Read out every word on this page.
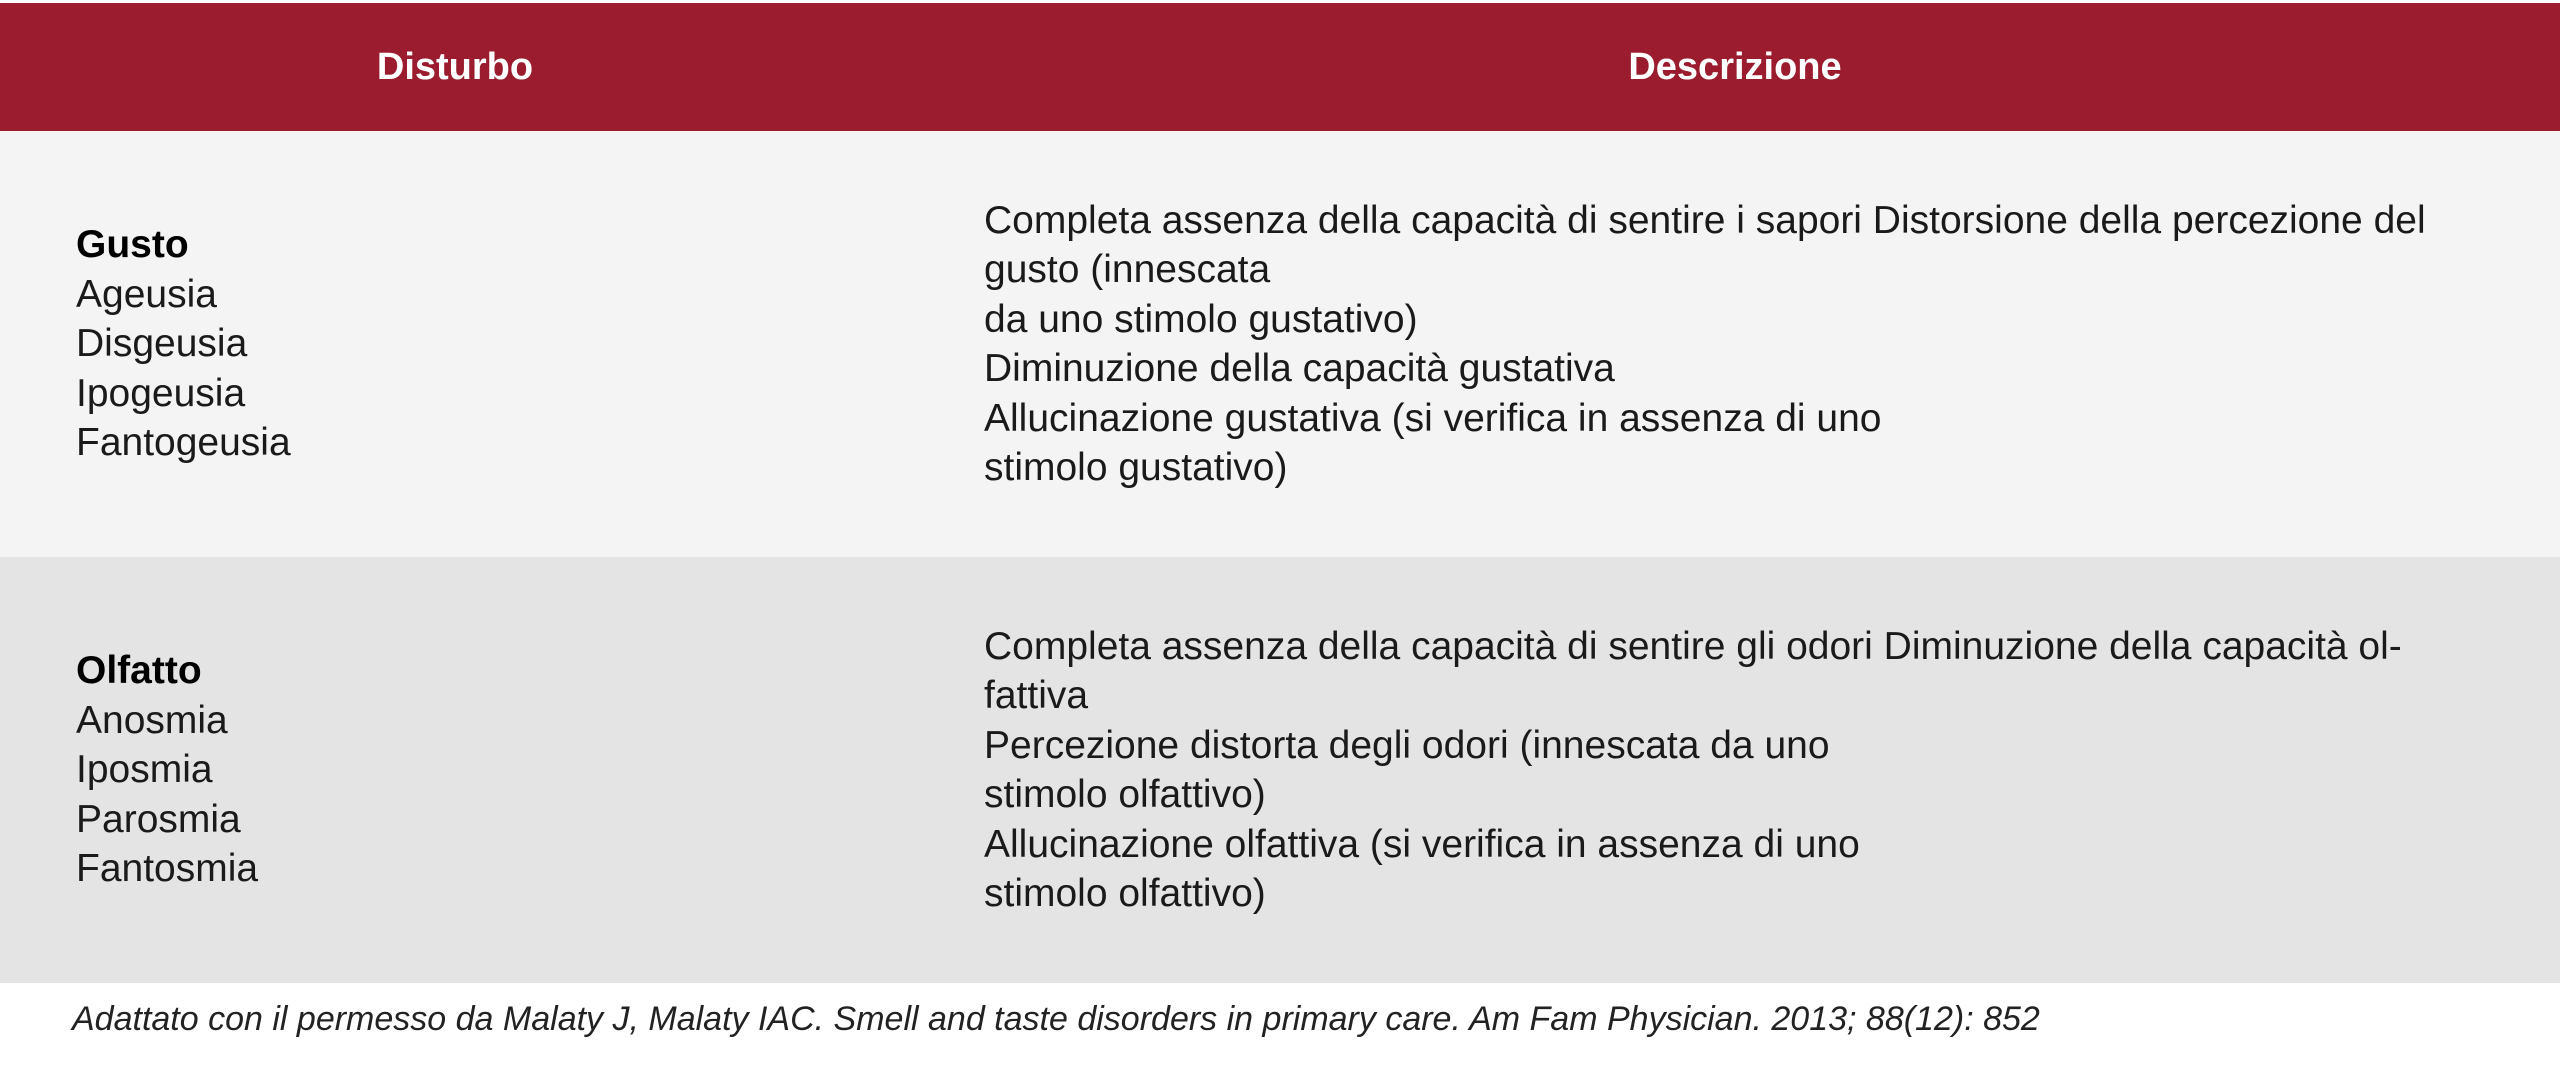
Disturbo	Descrizione
Gusto
Ageusia
Disgeusia
Ipogeusia
Fantogeusia
Completa assenza della capacità di sentire i sapori Distorsione della percezione del
gusto (innescata
da uno stimolo gustativo)
Diminuzione della capacità gustativa
Allucinazione gustativa (si verifica in assenza di uno
stimolo gustativo)
Olfatto
Anosmia
Iposmia
Parosmia
Fantosmia
Completa assenza della capacità di sentire gli odori Diminuzione della capacità ol-
fattiva
Percezione distorta degli odori (innescata da uno
stimolo olfattivo)
Allucinazione olfattiva (si verifica in assenza di uno
stimolo olfattivo)
Adattato con il permesso da Malaty J, Malaty IAC. Smell and taste disorders in primary care. Am Fam Physician. 2013; 88(12): 852
